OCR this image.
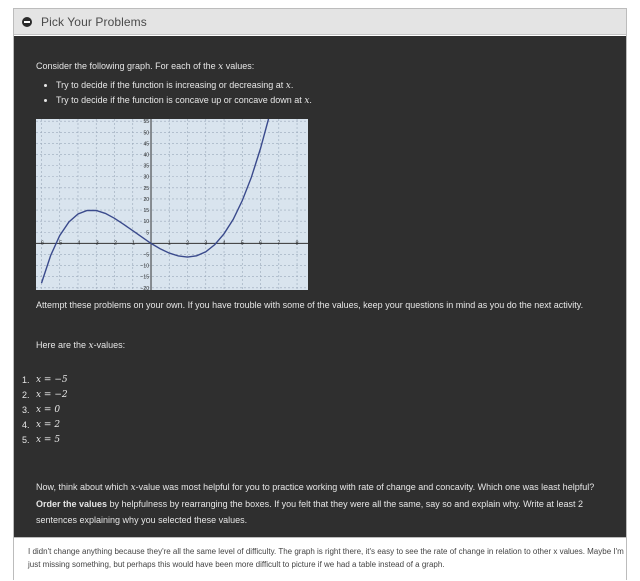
Pick Your Problems
Consider the following graph. For each of the x values:
• Try to decide if the function is increasing or decreasing at x.
• Try to decide if the function is concave up or concave down at x.
-6 -5 -4 -3 -2 -1	1	2	3	4	5	6	7	8
−20
−15
−10
−5
5
10
15
20
25
30
35
40
45
50
55
Attempt these problems on your own. If you have trouble with some of the values, keep your questions in mind as you do the next activity.
Here are the x-values:
1. x = −5
2. x = −2
3. x = 0
4. x = 2
5. x = 5
Now, think about which x-value was most helpful for you to practice working with rate of change and concavity. Which one was least helpful? Order the values by helpfulness by rearranging the boxes. If you felt that they were all the same, say so and explain why. Write at least 2 sentences explaining why you selected these values.
I didn't change anything because they're all the same level of difficulty. The graph is right there, it's easy to see the rate of change in relation to other x values. Maybe I'm just missing something, but perhaps this would have been more difficult to picture if we had a table instead of a graph.
